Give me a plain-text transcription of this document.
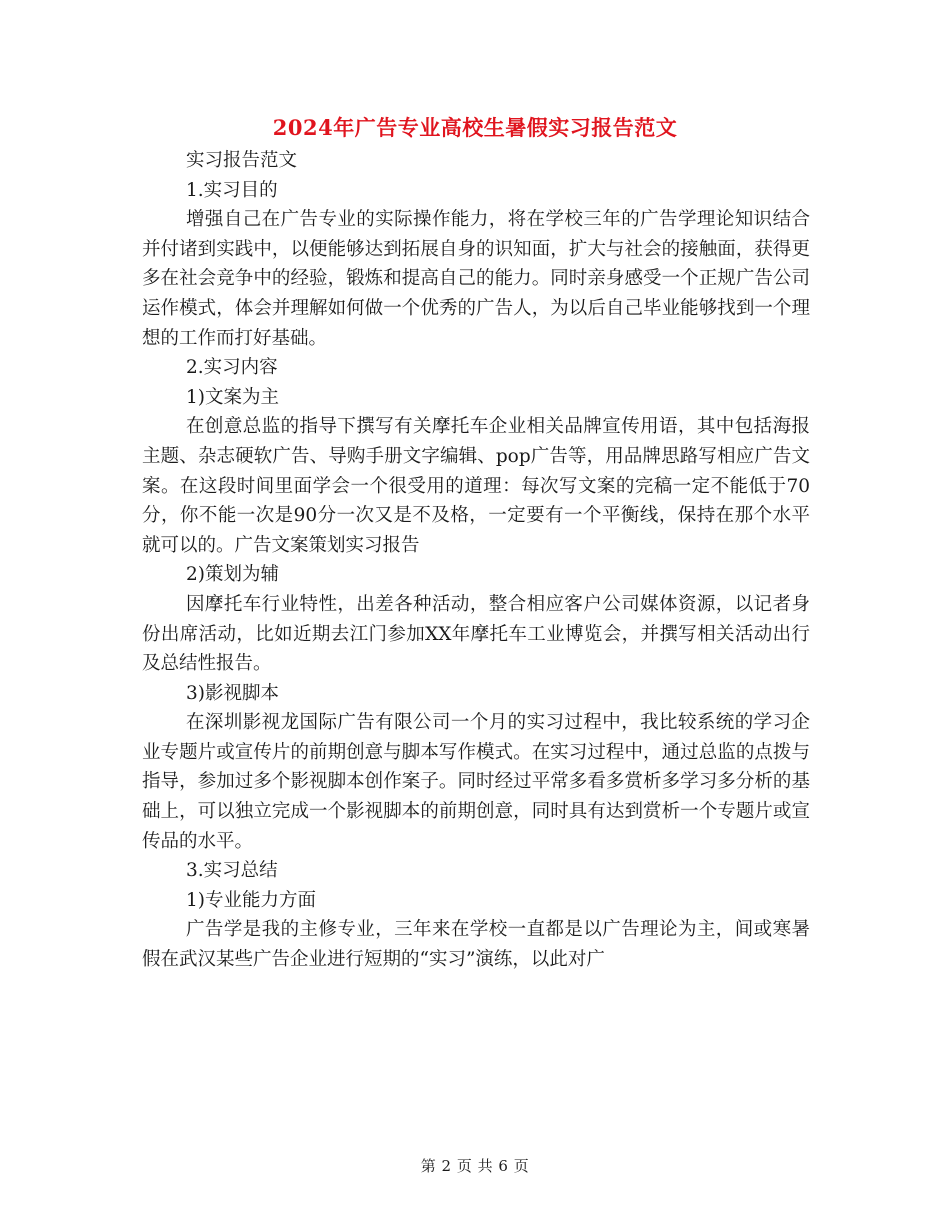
2024年广告专业高校生暑假实习报告范文

实习报告范文

1.实习目的

增强自己在广告专业的实际操作能力，将在学校三年的广告学理论知识结合并付诸到实践中，以便能够达到拓展自身的识知面，扩大与社会的接触面，获得更多在社会竞争中的经验，锻炼和提高自己的能力。同时亲身感受一个正规广告公司运作模式，体会并理解如何做一个优秀的广告人，为以后自己毕业能够找到一个理想的工作而打好基础。

2.实习内容

1)文案为主

在创意总监的指导下撰写有关摩托车企业相关品牌宣传用语，其中包括海报主题、杂志硬软广告、导购手册文字编辑、pop广告等，用品牌思路写相应广告文案。在这段时间里面学会一个很受用的道理：每次写文案的完稿一定不能低于70分，你不能一次是90分一次又是不及格，一定要有一个平衡线，保持在那个水平就可以的。广告文案策划实习报告

2)策划为辅

因摩托车行业特性，出差各种活动，整合相应客户公司媒体资源，以记者身份出席活动，比如近期去江门参加XX年摩托车工业博览会，并撰写相关活动出行及总结性报告。

3)影视脚本

在深圳影视龙国际广告有限公司一个月的实习过程中，我比较系统的学习企业专题片或宣传片的前期创意与脚本写作模式。在实习过程中，通过总监的点拨与指导，参加过多个影视脚本创作案子。同时经过平常多看多赏析多学习多分析的基础上，可以独立完成一个影视脚本的前期创意，同时具有达到赏析一个专题片或宣传品的水平。

3.实习总结

1)专业能力方面

广告学是我的主修专业，三年来在学校一直都是以广告理论为主，间或寒暑假在武汉某些广告企业进行短期的“实习”演练，以此对广

第 2 页 共 6 页
